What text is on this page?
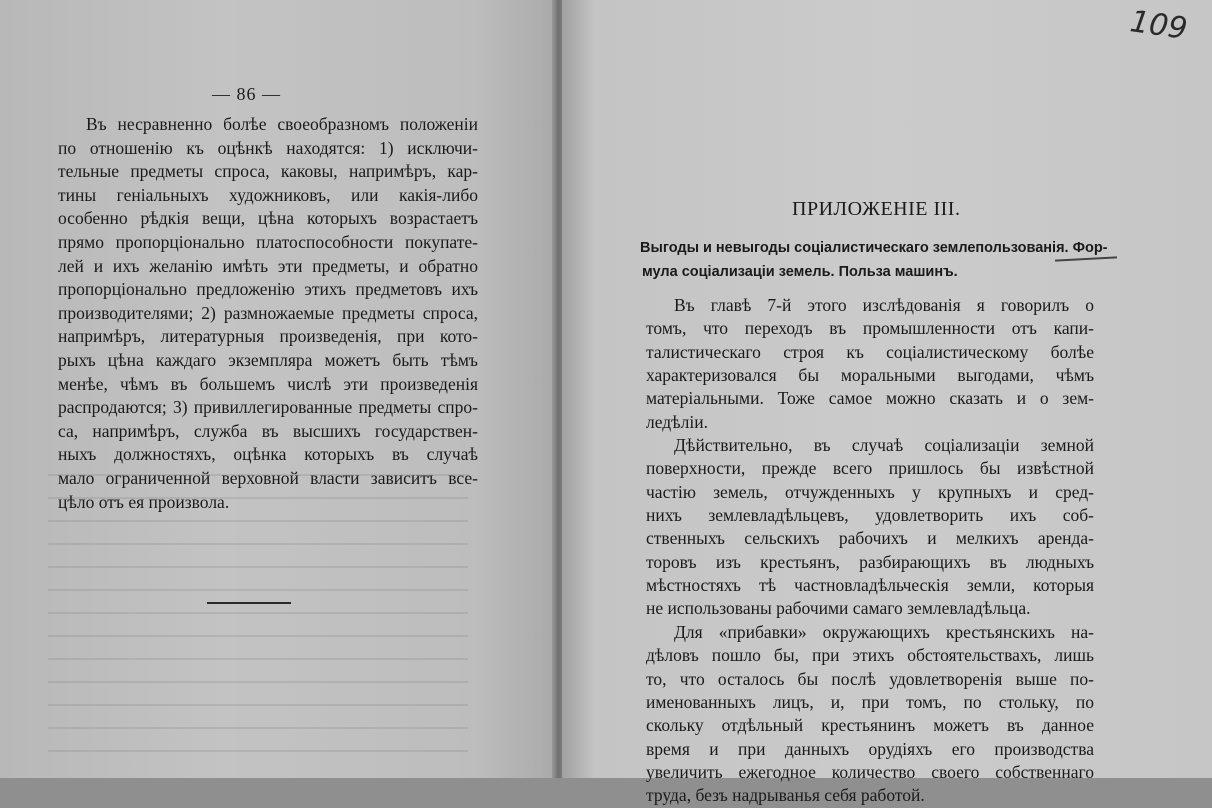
— 86 —
Въ несравненно болѣе своеобразномъ положенiи
по отношенiю къ оцѣнкѣ находятся: 1) исключи-
тельные предметы спроса, каковы, напримѣръ, кар-
тины генiальныхъ художниковъ, или какiя-либо
особенно рѣдкiя вещи, цѣна которыхъ возрастаетъ
прямо пропорцiонально платоспособности покупате-
лей и ихъ желанiю имѣть эти предметы, и обратно
пропорцiонально предложенiю этихъ предметовъ ихъ
производителями; 2) размножаемые предметы спроса,
напримѣръ, литературныя произведенiя, при кото-
рыхъ цѣна каждаго экземпляра можетъ быть тѣмъ
менѣе, чѣмъ въ большемъ числѣ эти произведенiя
распродаются; 3) привиллегированные предметы спро-
са, напримѣръ, служба въ высшихъ государствен-
ныхъ должностяхъ, оцѣнка которыхъ въ случаѣ
мало ограниченной верховной власти зависитъ все-
цѣло отъ ея произвола.
109
ПРИЛОЖЕНIЕ III.
Выгоды и невыгоды соцiалистическаго землепользованiя. Фор-
мула соцiализацiи земель. Польза машинъ.
Въ главѣ 7-й этого изслѣдованiя я говорилъ о
томъ, что переходъ въ промышленности отъ капи-
талистическаго строя къ соцiалистическому болѣе
характеризовался бы моральными выгодами, чѣмъ
матерiальными. Тоже самое можно сказать и о зем-
ледѣлiи.
Дѣйствительно, въ случаѣ соцiализацiи земной
поверхности, прежде всего пришлось бы извѣстной
частiю земель, отчужденныхъ у крупныхъ и сред-
нихъ землевладѣльцевъ, удовлетворить ихъ соб-
ственныхъ сельскихъ рабочихъ и мелкихъ аренда-
торовъ изъ крестьянъ, разбирающихъ въ людныхъ
мѣстностяхъ тѣ частновладѣльческiя земли, которыя
не использованы рабочими самаго землевладѣльца.
Для «прибавки» окружающихъ крестьянскихъ на-
дѣловъ пошло бы, при этихъ обстоятельствахъ, лишь
то, что осталось бы послѣ удовлетворенiя выше по-
именованныхъ лицъ, и, при томъ, по стольку, по
скольку отдѣльный крестьянинъ можетъ въ данное
время и при данныхъ орудiяхъ его производства
увеличить ежегодное количество своего собственнаго
труда, безъ надрыванья себя работой.
